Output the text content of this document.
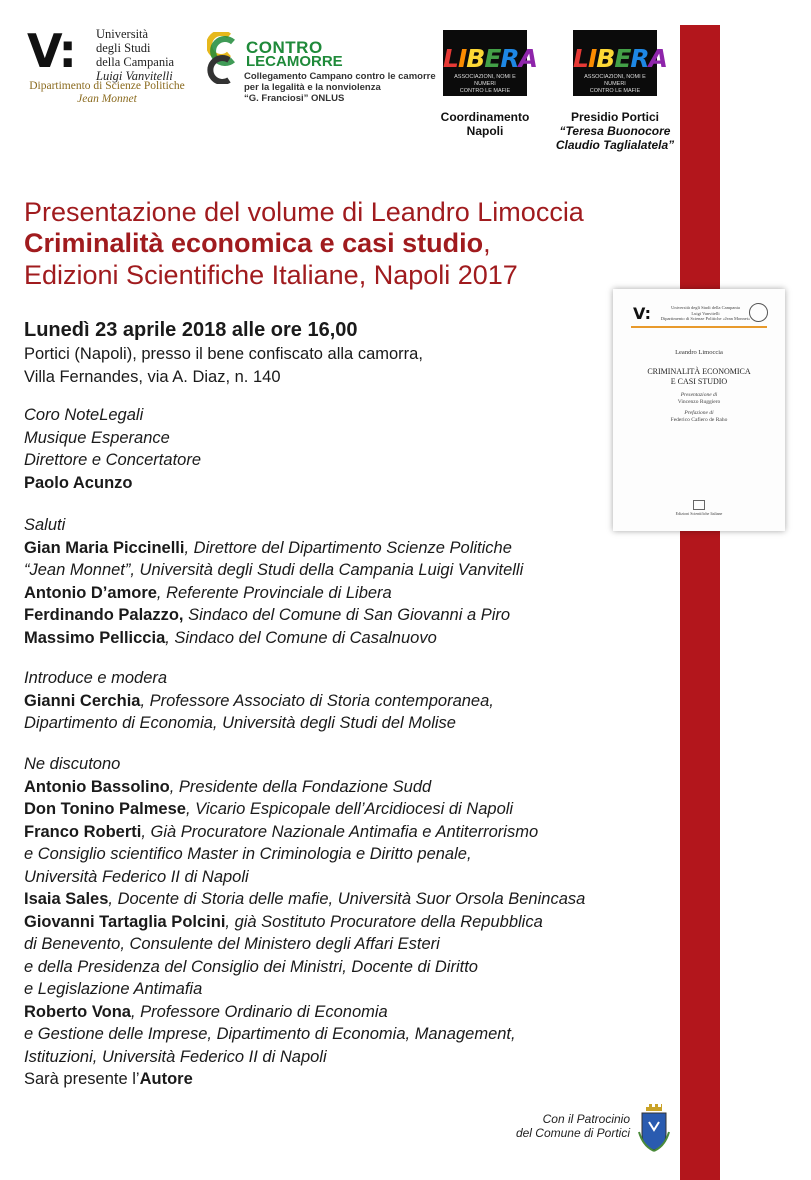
V: Università
degli Studi
della Campania
Luigi Vanvitelli
Dipartimento di Scienze Politiche
Jean Monnet
CONTRO
LECAMORRE
Collegamento Campano contro le camorre
per la legalità e la nonviolenza
“G. Franciosi” ONLUS
LIBERA
ASSOCIAZIONI, NOMI E NUMERI
CONTRO LE MAFIE
Coordinamento
Napoli
LIBERA
ASSOCIAZIONI, NOMI E NUMERI
CONTRO LE MAFIE
Presidio Portici
“Teresa Buonocore
Claudio Taglialatela”
Presentazione del volume di Leandro Limoccia
Criminalità economica e casi studio,
Edizioni Scientifiche Italiane, Napoli 2017
Lunedì 23 aprile 2018 alle ore 16,00
Portici (Napoli), presso il bene confiscato alla camorra,
Villa Fernandes, via A. Diaz, n. 140
Coro NoteLegali
Musique Esperance
Direttore e Concertatore
Paolo Acunzo
Saluti
Gian Maria Piccinelli, Direttore del Dipartimento Scienze Politiche
“Jean Monnet”, Università degli Studi della Campania Luigi Vanvitelli
Antonio D’amore, Referente Provinciale di Libera
Ferdinando Palazzo, Sindaco del Comune di San Giovanni a Piro
Massimo Pelliccia, Sindaco del Comune di Casalnuovo
Introduce e modera
Gianni Cerchia, Professore Associato di Storia contemporanea,
Dipartimento di Economia, Università degli Studi del Molise
Ne discutono
Antonio Bassolino, Presidente della Fondazione Sudd
Don Tonino Palmese, Vicario Espicopale dell’Arcidiocesi di Napoli
Franco Roberti, Già Procuratore Nazionale Antimafia e Antiterrorismo
e Consiglio scientifico Master in Criminologia e Diritto penale,
Università Federico II di Napoli
Isaia Sales, Docente di Storia delle mafie, Università Suor Orsola Benincasa
Giovanni Tartaglia Polcini, già Sostituto Procuratore della Repubblica
di Benevento, Consulente del Ministero degli Affari Esteri
e della Presidenza del Consiglio dei Ministri, Docente di Diritto
e Legislazione Antimafia
Roberto Vona, Professore Ordinario di Economia
e Gestione delle Imprese, Dipartimento di Economia, Management,
Istituzioni, Università Federico II di Napoli
Sarà presente l’Autore
V:	Università degli Studi della Campania
Luigi Vanvitelli
Dipartimento di Scienze Politiche «Jean Monnet»
Leandro Limoccia
CRIMINALITÀ ECONOMICA
E CASI STUDIO
Presentazione di
Vincenzo Ruggiero
Prefazione di
Federico Cafiero de Raho
Edizioni Scientifiche Italiane
Con il Patrocinio
del Comune di Portici
